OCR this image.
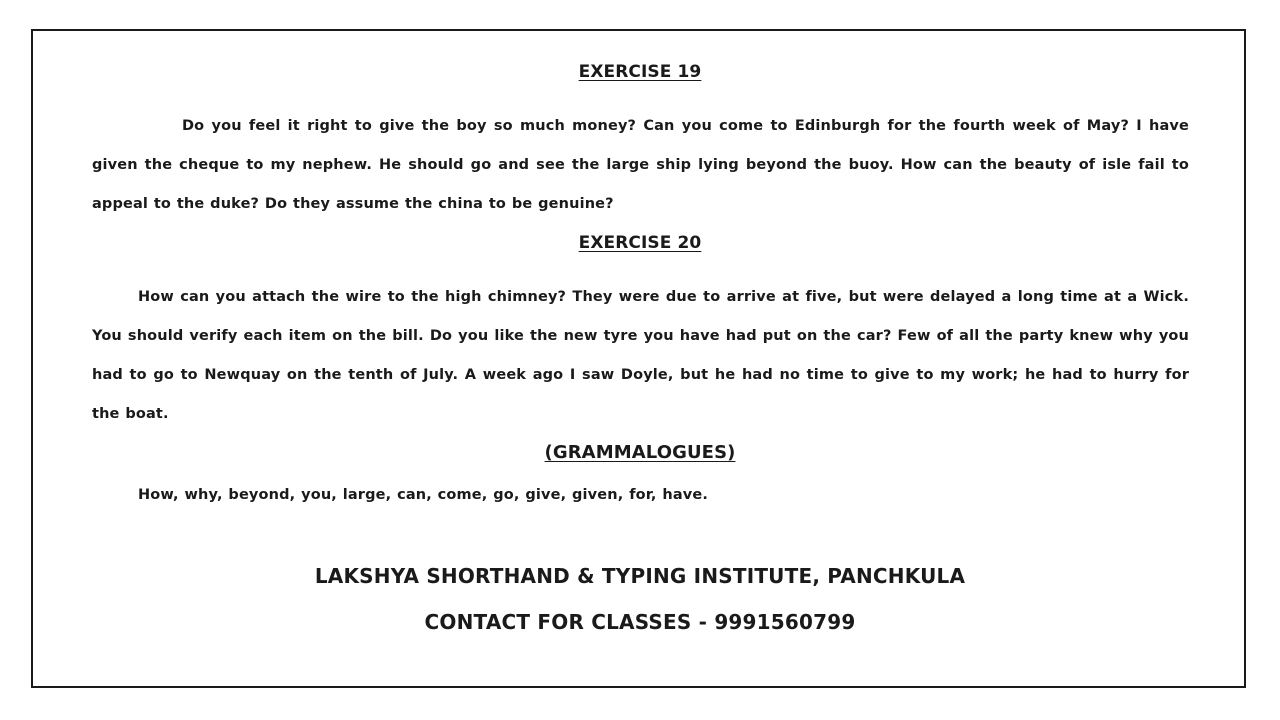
EXERCISE 19
Do you feel it right to give the boy so much money? Can you come to Edinburgh for the fourth week of May? I have given the cheque to my nephew. He should go and see the large ship lying beyond the buoy. How can the beauty of isle fail to appeal to the duke? Do they assume the china to be genuine?
EXERCISE 20
How can you attach the wire to the high chimney? They were due to arrive at five, but were delayed a long time at a Wick. You should verify each item on the bill. Do you like the new tyre you have had put on the car? Few of all the party knew why you had to go to Newquay on the tenth of July. A week ago I saw Doyle, but he had no time to give to my work; he had to hurry for the boat.
(GRAMMALOGUES)
How, why, beyond, you, large, can, come, go, give, given, for, have.
LAKSHYA SHORTHAND & TYPING INSTITUTE, PANCHKULA
CONTACT FOR CLASSES - 9991560799
